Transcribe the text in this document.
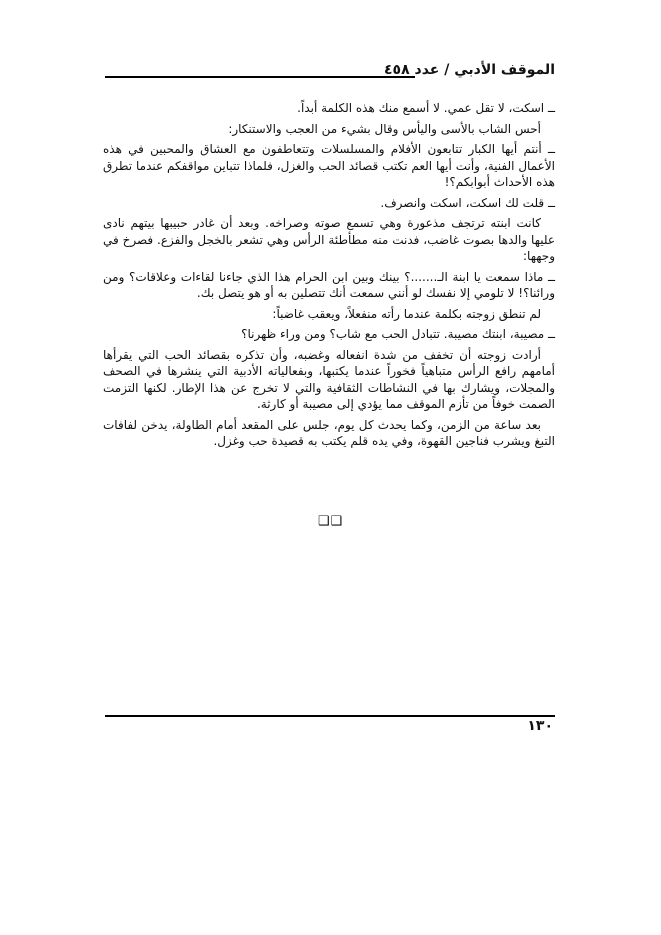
الموقف الأدبي / عدد ٤٥٨

ــ اسكت، لا تقل عمي. لا أسمع منك هذه الكلمة أبداً.

أحس الشاب بالأسى واليأس وقال بشيء من العجب والاستنكار:

ــ أنتم أيها الكبار تتابعون الأفلام والمسلسلات وتتعاطفون مع العشاق والمحبين في هذه الأعمال الفنية، وأنت أيها العم تكتب قصائد الحب والغزل، فلماذا تتباين مواقفكم عندما تطرق هذه الأحداث أبوابكم؟!

ــ قلت لك اسكت، اسكت وانصرف.

كانت ابنته ترتجف مذعورة وهي تسمع صوته وصراخه. وبعد أن غادر حبيبها بيتهم نادى عليها والدها بصوت غاضب، فدنت منه مطأطئة الرأس وهي تشعر بالخجل والفزع. فصرخ في وجهها:

ــ ماذا سمعت يا ابنة الـ.......؟ بينك وبين ابن الحرام هذا الذي جاءنا لقاءات وعلاقات؟ ومن ورائنا؟! لا تلومي إلا نفسك لو أنني سمعت أنك تتصلين به أو هو يتصل بك.

لم تنطق زوجته بكلمة عندما رأته منفعلاً، ويعقب غاضباً:

ــ مصيبة، ابنتك مصيبة. تتبادل الحب مع شاب؟ ومن وراء ظهرنا؟

أرادت زوجته أن تخفف من شدة انفعاله وغضبه، وأن تذكره بقصائد الحب التي يقرأها أمامهم رافع الرأس متباهياً فخوراً عندما يكتبها، وبفعالياته الأدبية التي ينشرها في الصحف والمجلات، ويشارك بها في النشاطات الثقافية والتي لا تخرج عن هذا الإطار. لكنها التزمت الصمت خوفاً من تأزم الموقف مما يؤدي إلى مصيبة أو كارثة.

بعد ساعة من الزمن، وكما يحدث كل يوم، جلس على المقعد أمام الطاولة، يدخن لفافات التبغ ويشرب فناجين القهوة، وفي يده قلم يكتب به قصيدة حب وغزل.

❑❑
١٣٠
